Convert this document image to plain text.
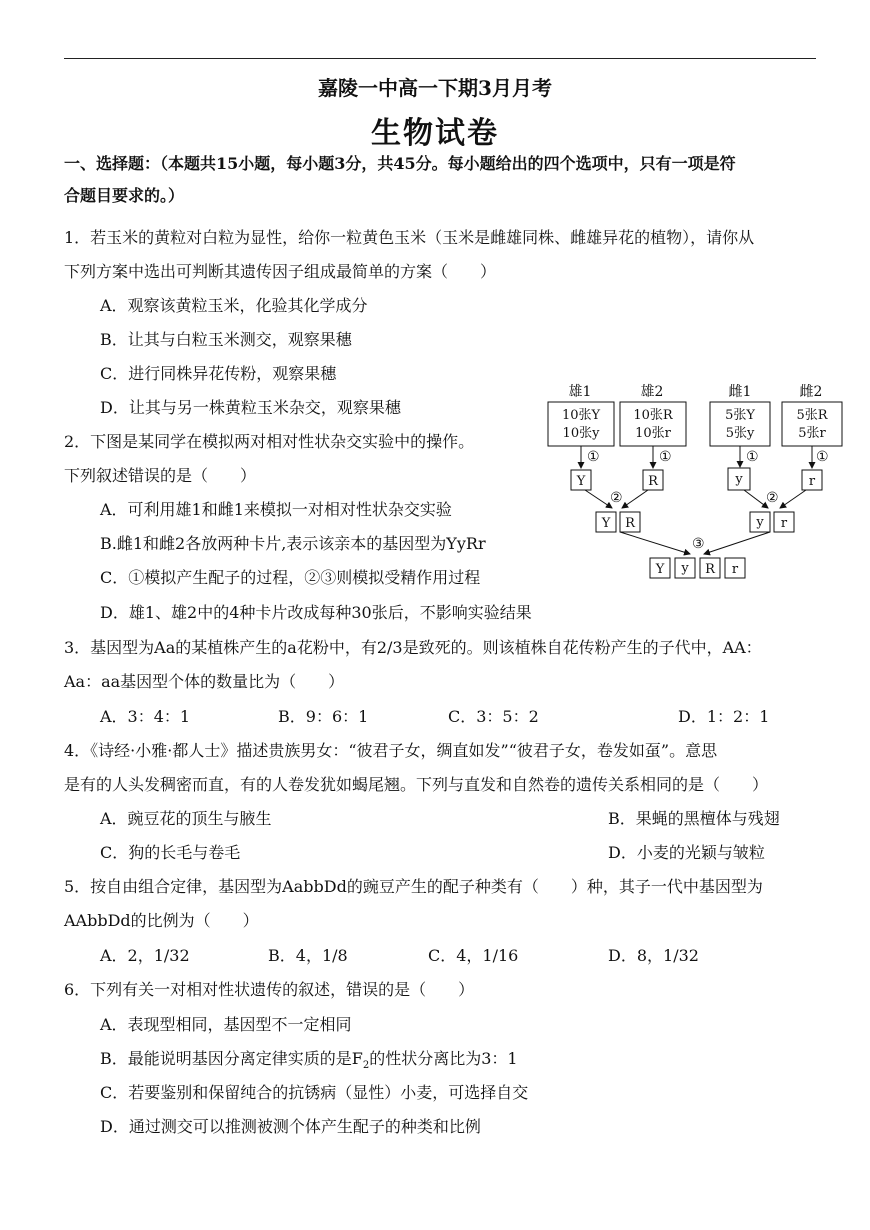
嘉陵一中高一下期3月月考
生物试卷
一、选择题：（本题共15小题，每小题3分，共45分。每小题给出的四个选项中，只有一项是符
合题目要求的。）
1．若玉米的黄粒对白粒为显性，给你一粒黄色玉米（玉米是雌雄同株、雌雄异花的植物），请你从
下列方案中选出可判断其遗传因子组成最简单的方案（　　）
A．观察该黄粒玉米，化验其化学成分
B．让其与白粒玉米测交，观察果穗
C．进行同株异花传粉，观察果穗
D．让其与另一株黄粒玉米杂交，观察果穗
2．下图是某同学在模拟两对相对性状杂交实验中的操作。
下列叙述错误的是（　　）
A．可利用雄1和雌1来模拟一对相对性状杂交实验
B.雌1和雌2各放两种卡片,表示该亲本的基因型为YyRr
C．①模拟产生配子的过程，②③则模拟受精作用过程
D．雄1、雄2中的4种卡片改成每种30张后，不影响实验结果
雄1	雄2	雌1	雌2
10张Y
10张y
10张R
10张r
5张Y
5张y
5张R
5张r
①	①	①	①
Y	R	y	r
②	②
Y R	y r
③
Y y R r
3．基因型为Aa的某植株产生的a花粉中，有2/3是致死的。则该植株自花传粉产生的子代中，AA：
Aa：aa基因型个体的数量比为（　　）
A．3：4：1	B．9：6：1	C．3：5：2	D．1：2：1
4．《诗经·小雅·都人士》描述贵族男女：“彼君子女，绸直如发”“彼君子女，卷发如虿”。意思
是有的人头发稠密而直，有的人卷发犹如蝎尾翘。下列与直发和自然卷的遗传关系相同的是（　　）
A．豌豆花的顶生与腋生	B．果蝇的黑檀体与残翅
C．狗的长毛与卷毛	D．小麦的光颖与皱粒
5．按自由组合定律，基因型为AabbDd的豌豆产生的配子种类有（　　）种，其子一代中基因型为
AAbbDd的比例为（　　）
A．2，1/32	B．4，1/8	C．4，1/16	D．8，1/32
6．下列有关一对相对性状遗传的叙述，错误的是（　　）
A．表现型相同，基因型不一定相同
B．最能说明基因分离定律实质的是$F_2$的性状分离比为3：1
C．若要鉴别和保留纯合的抗锈病（显性）小麦，可选择自交
D．通过测交可以推测被测个体产生配子的种类和比例
